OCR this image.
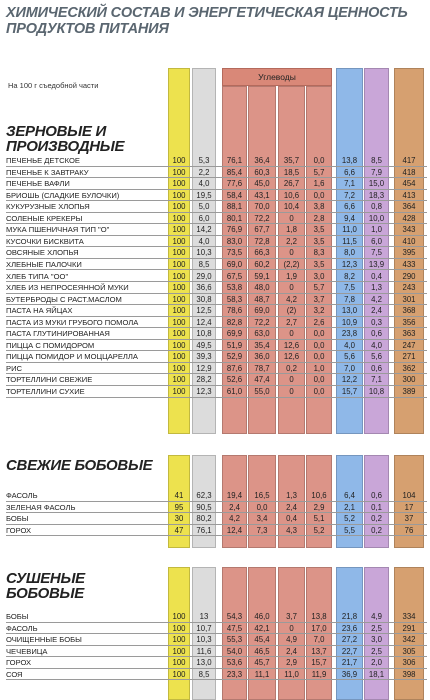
ХИМИЧЕСКИЙ СОСТАВ И ЭНЕРГЕТИЧЕСКАЯ ЦЕННОСТЬ ПРОДУКТОВ ПИТАНИЯ
На 100 г съедобной части
Углеводы
ЗЕРНОВЫЕ И ПРОИЗВОДНЫЕ
ПЕЧЕНЬЕ ДЕТСКОЕ	100	5,3	76,1	36,4	35,7	0,0	13,8	8,5	417
ПЕЧЕНЬЕ К ЗАВТРАКУ	100	2,2	85,4	60,3	18,5	5,7	6,6	7,9	418
ПЕЧЕНЬЕ ВАФЛИ	100	4,0	77,6	45,0	26,7	1,6	7,1	15,0	454
БРИОШЬ (СЛАДКИЕ БУЛОЧКИ)	100	19,5	58,4	43,1	10,6	0,0	7,2	18,3	413
КУКУРУЗНЫЕ ХЛОПЬЯ	100	5,0	88,1	70,0	10,4	3,8	6,6	0,8	364
СОЛЕНЫЕ КРЕКЕРЫ	100	6,0	80,1	72,2	0	2,8	9,4	10,0	428
МУКА ПШЕНИЧНАЯ ТИП "О"	100	14,2	76,9	67,7	1,8	3,5	11,0	1,0	343
КУСОЧКИ БИСКВИТА	100	4,0	83,0	72,8	2,2	3,5	11,5	6,0	410
ОВСЯНЫЕ ХЛОПЬЯ	100	10,3	73,5	66,3	0	8,3	8,0	7,5	395
ХЛЕБНЫЕ ПАЛОЧКИ	100	8,5	69,0	60,2	(2,2)	3,5	12,3	13,9	433
ХЛЕБ ТИПА "ОО"	100	29,0	67,5	59,1	1,9	3,0	8,2	0,4	290
ХЛЕБ ИЗ НЕПРОСЕЯННОЙ МУКИ	100	36,6	53,8	48,0	0	5,7	7,5	1,3	243
БУТЕРБРОДЫ С РАСТ.МАСЛОМ	100	30,8	58,3	48,7	4,2	3,7	7,8	4,2	301
ПАСТА НА ЯЙЦАХ	100	12,5	78,6	69,0	(2)	3,2	13,0	2,4	368
ПАСТА ИЗ МУКИ ГРУБОГО ПОМОЛА	100	12,4	82,8	72,2	2,7	2,6	10,9	0,3	356
ПАСТА ГЛУТИНИРОВАННАЯ	100	10,8	69,9	63,0	0	0,0	23,8	0,6	363
ПИЦЦА С ПОМИДОРОМ	100	49,5	51,9	35,4	12,6	0,0	4,0	4,0	247
ПИЦЦА ПОМИДОР И МОЦЦАРЕЛЛА	100	39,3	52,9	36,0	12,6	0,0	5,6	5,6	271
РИС	100	12,9	87,6	78,7	0,2	1,0	7,0	0,6	362
ТОРТЕЛЛИНИ СВЕЖИЕ	100	28,2	52,6	47,4	0	0,0	12,2	7,1	300
ТОРТЕЛЛИНИ СУХИЕ	100	12,3	61,0	55,0	0	0,0	15,7	10,8	389
СВЕЖИЕ БОБОВЫЕ
ФАСОЛЬ	41	62,3	19,4	16,5	1,3	10,6	6,4	0,6	104
ЗЕЛЕНАЯ ФАСОЛЬ	95	90,5	2,4	0,0	2,4	2,9	2,1	0,1	17
БОБЫ	30	80,2	4,2	3,4	0,4	5,1	5,2	0,2	37
ГОРОХ	47	76,1	12,4	7,3	4,3	5,2	5,5	0,2	76
СУШЕНЫЕ БОБОВЫЕ
БОБЫ	100	13	54,3	46,0	3,7	13,8	21,8	4,9	334
ФАСОЛЬ	100	10,7	47,5	42,1	0	17,0	23,6	2,5	291
ОЧИЩЕННЫЕ БОБЫ	100	10,3	55,3	45,4	4,9	7,0	27,2	3,0	342
ЧЕЧЕВИЦА	100	11,6	54,0	46,5	2,4	13,7	22,7	2,5	305
ГОРОХ	100	13,0	53,6	45,7	2,9	15,7	21,7	2,0	306
СОЯ	100	8,5	23,3	11,1	11,0	11,9	36,9	18,1	398
